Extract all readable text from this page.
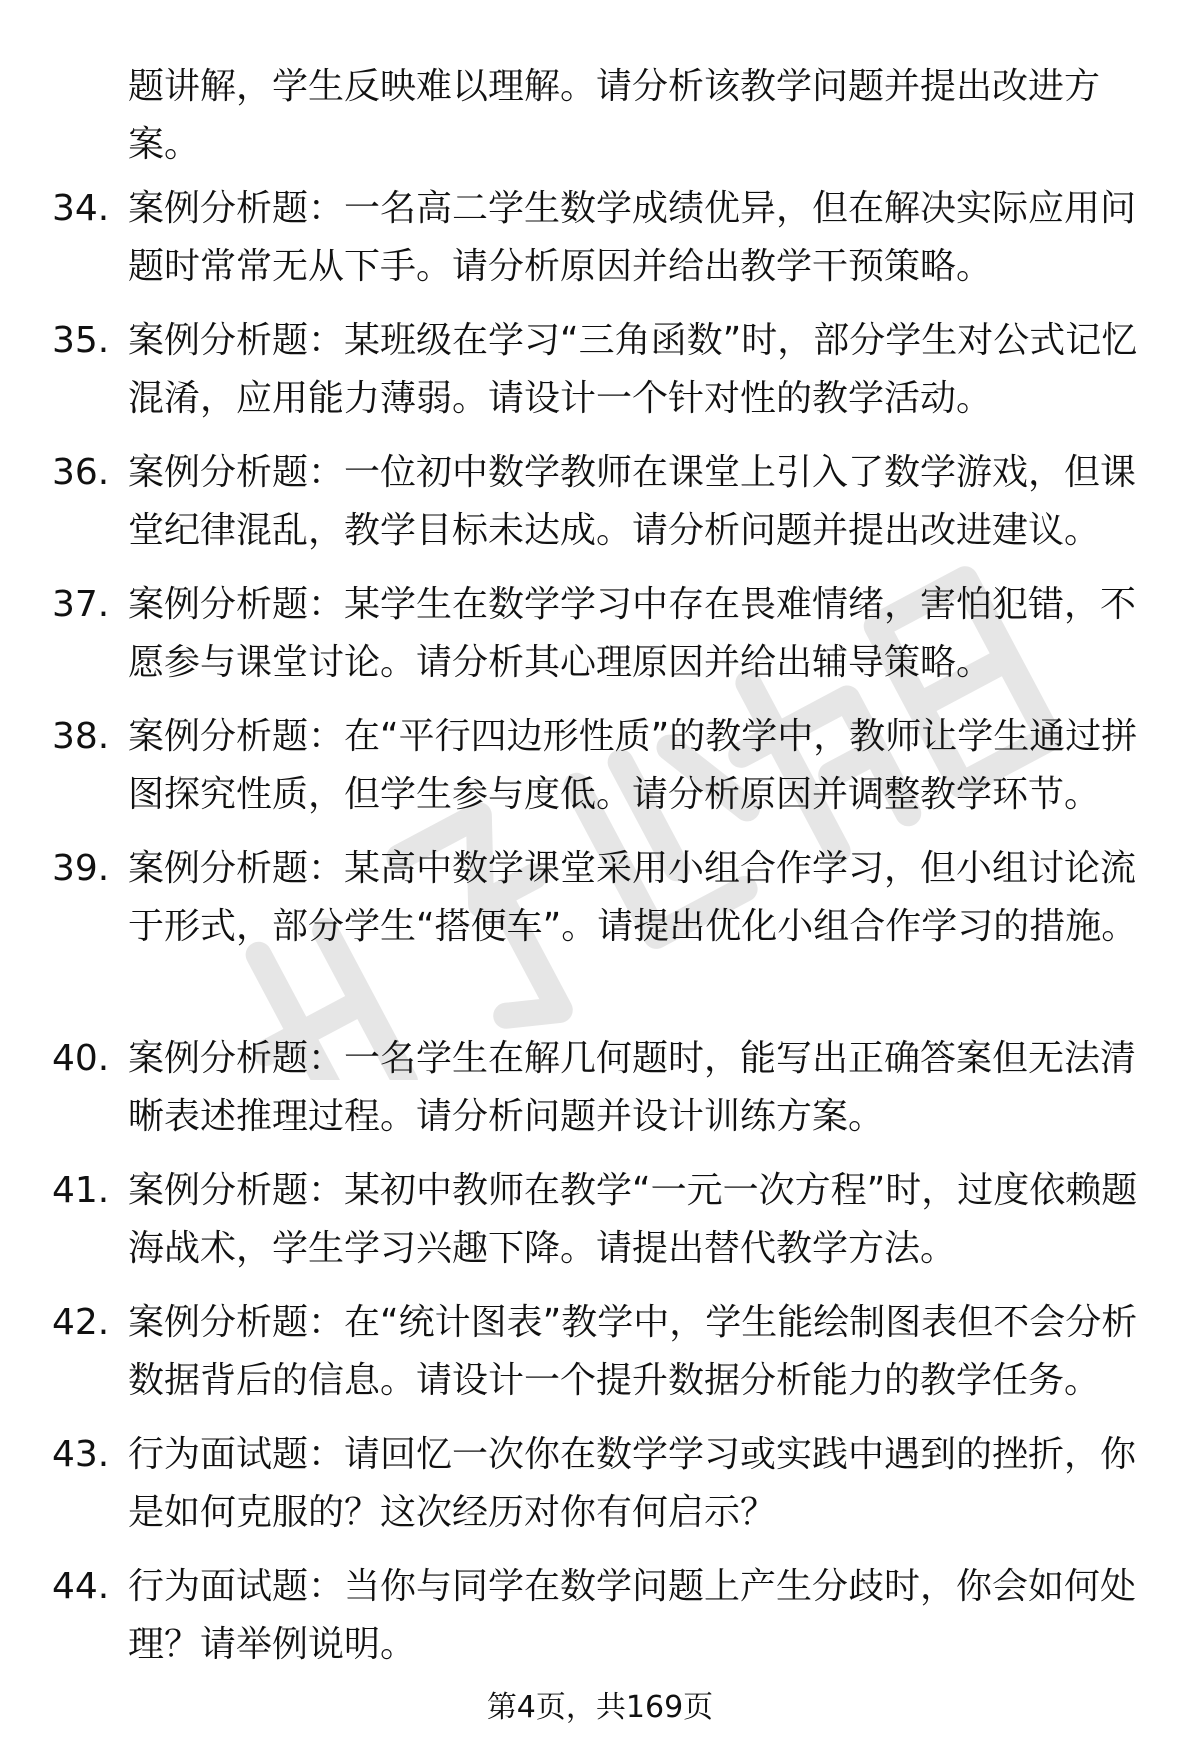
题讲解，学生反映难以理解。请分析该教学问题并提出改进方案。

34. 案例分析题：一名高二学生数学成绩优异，但在解决实际应用问题时常常无从下手。请分析原因并给出教学干预策略。

35. 案例分析题：某班级在学习“三角函数”时，部分学生对公式记忆混淆，应用能力薄弱。请设计一个针对性的教学活动。

36. 案例分析题：一位初中数学教师在课堂上引入了数学游戏，但课堂纪律混乱，教学目标未达成。请分析问题并提出改进建议。

37. 案例分析题：某学生在数学学习中存在畏难情绪，害怕犯错，不愿参与课堂讨论。请分析其心理原因并给出辅导策略。

38. 案例分析题：在“平行四边形性质”的教学中，教师让学生通过拼图探究性质，但学生参与度低。请分析原因并调整教学环节。

39. 案例分析题：某高中数学课堂采用小组合作学习，但小组讨论流于形式，部分学生“搭便车”。请提出优化小组合作学习的措施。

40. 案例分析题：一名学生在解几何题时，能写出正确答案但无法清晰表述推理过程。请分析问题并设计训练方案。

41. 案例分析题：某初中教师在教学“一元一次方程”时，过度依赖题海战术，学生学习兴趣下降。请提出替代教学方法。

42. 案例分析题：在“统计图表”教学中，学生能绘制图表但不会分析数据背后的信息。请设计一个提升数据分析能力的教学任务。

43. 行为面试题：请回忆一次你在数学学习或实践中遇到的挫折，你是如何克服的？这次经历对你有何启示？

44. 行为面试题：当你与同学在数学问题上产生分歧时，你会如何处理？请举例说明。

第4页，共169页
